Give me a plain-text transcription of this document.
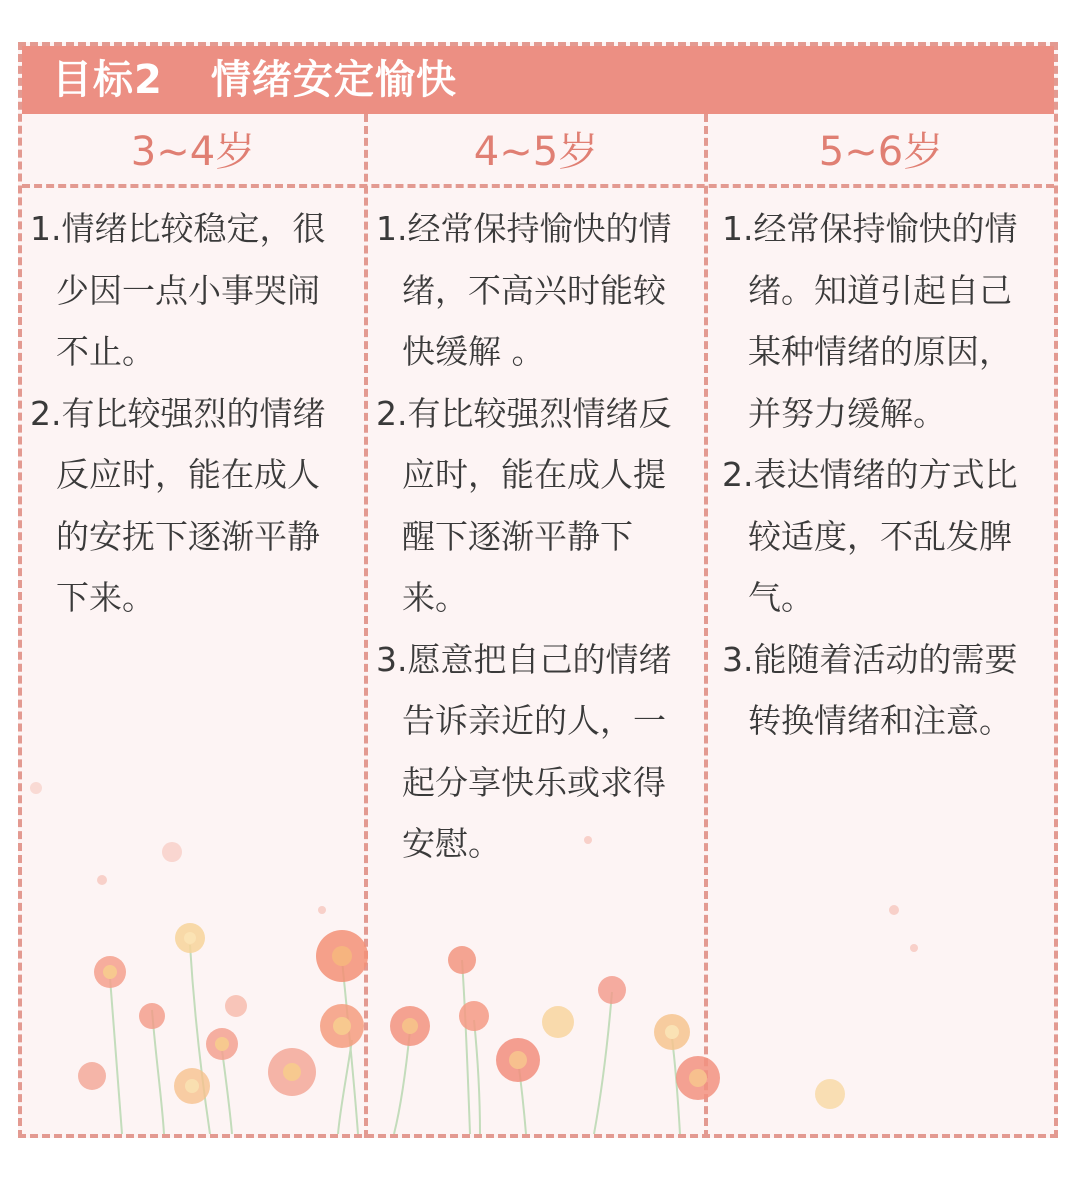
目标2 情绪安定愉快
3~4岁	4~5岁	5~6岁
1.情绪比较稳定，很少因一点小事哭闹不止。
2.有比较强烈的情绪反应时，能在成人的安抚下逐渐平静下来。
1.经常保持愉快的情绪，不高兴时能较快缓解 。
2.有比较强烈情绪反应时，能在成人提醒下逐渐平静下来。
3.愿意把自己的情绪告诉亲近的人，一起分享快乐或求得安慰。
1.经常保持愉快的情绪。知道引起自己某种情绪的原因，并努力缓解。
2.表达情绪的方式比较适度，不乱发脾气。
3.能随着活动的需要转换情绪和注意。
